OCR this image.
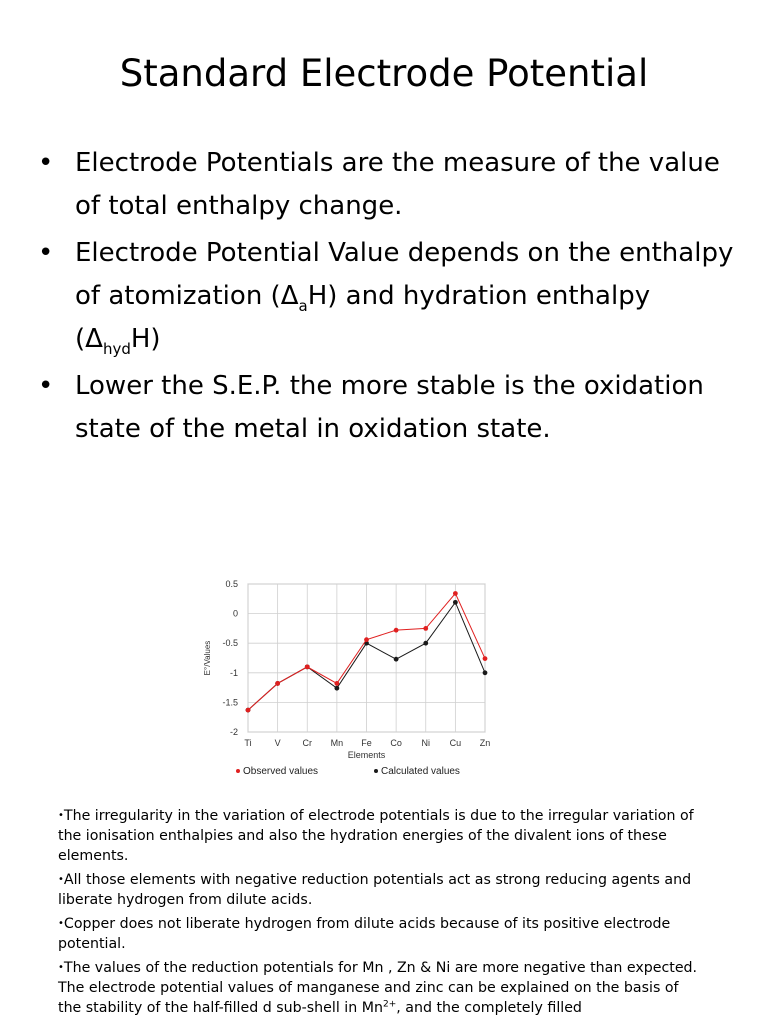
Standard Electrode Potential
• Electrode Potentials are the measure of the value of total enthalpy change.
• Electrode Potential Value depends on the enthalpy of atomization $(\Delta_aH)$ and hydration enthalpy $(\Delta_{hyd}H)$
• Lower the S.E.P. the more stable is the oxidation state of the metal in oxidation state.
0.5
0
-0.5
-1
-1.5
-2
Ti	V Cr Mn Fe Co Ni Cu Zn
Elements
E°/Values
Observed values	Calculated values
•The irregularity in the variation of electrode potentials is due to the irregular variation of the ionisation enthalpies and also the hydration energies of the divalent ions of these elements.
•All those elements with negative reduction potentials act as strong reducing agents and liberate hydrogen from dilute acids.
•Copper does not liberate hydrogen from dilute acids because of its positive electrode potential.
•The values of the reduction potentials for Mn , Zn & Ni are more negative than expected. The electrode potential values of manganese and zinc can be explained on the basis of the stability of the half-filled d sub-shell in $Mn^{2+}$, and the completely filled
